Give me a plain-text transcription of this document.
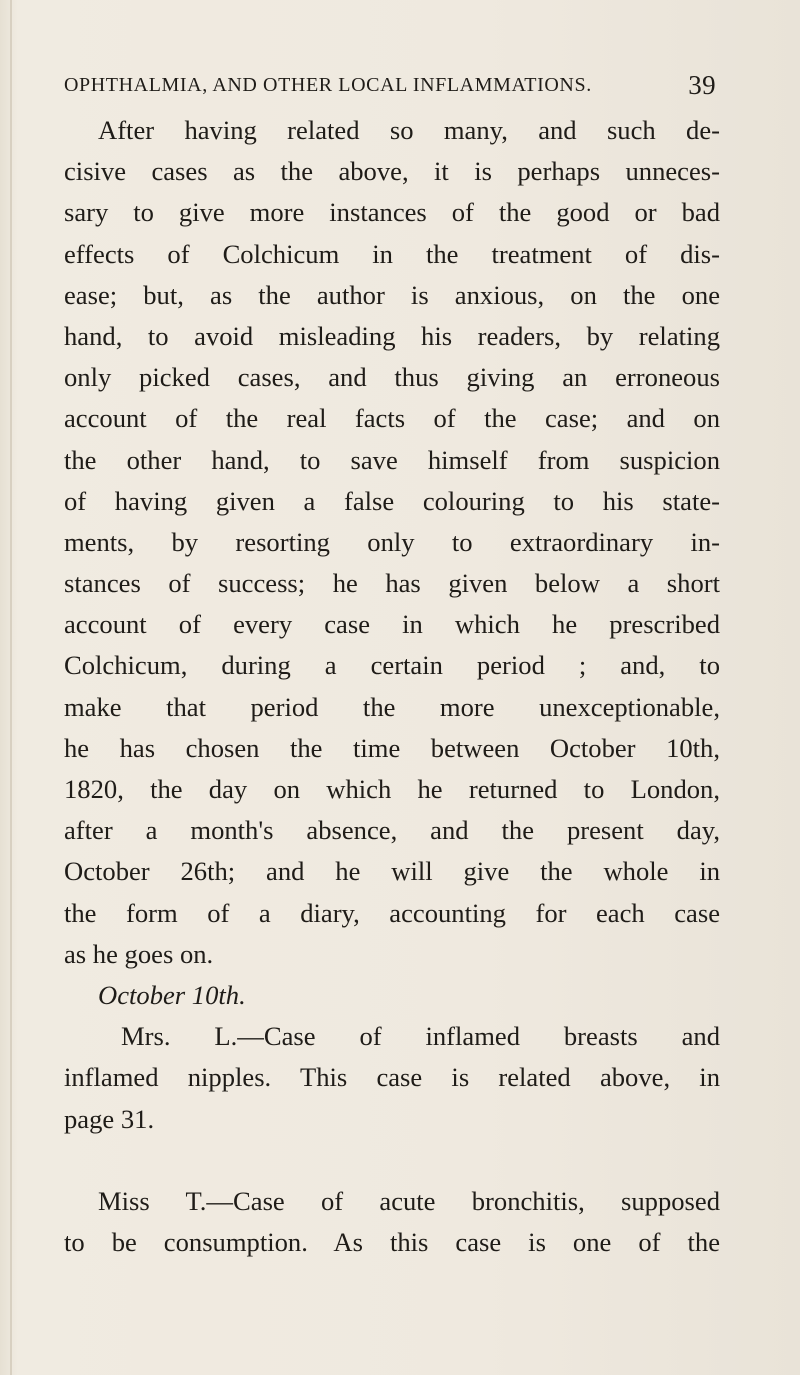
OPHTHALMIA, AND OTHER LOCAL INFLAMMATIONS.	39
After having related so many, and such de-
cisive cases as the above, it is perhaps unneces-
sary to give more instances of the good or bad
effects of Colchicum in the treatment of dis-
ease; but, as the author is anxious, on the one
hand, to avoid misleading his readers, by relating
only picked cases, and thus giving an erroneous
account of the real facts of the case; and on
the other hand, to save himself from suspicion
of having given a false colouring to his state-
ments, by resorting only to extraordinary in-
stances of success; he has given below a short
account of every case in which he prescribed
Colchicum, during a certain period ; and, to
make that period the more unexceptionable,
he has chosen the time between October 10th,
1820, the day on which he returned to London,
after a month's absence, and the present day,
October 26th; and he will give the whole in
the form of a diary, accounting for each case
as he goes on.
October 10th.
Mrs. L.—Case of inflamed breasts and
inflamed nipples. This case is related above, in
page 31.
Miss T.—Case of acute bronchitis, supposed
to be consumption. As this case is one of the
